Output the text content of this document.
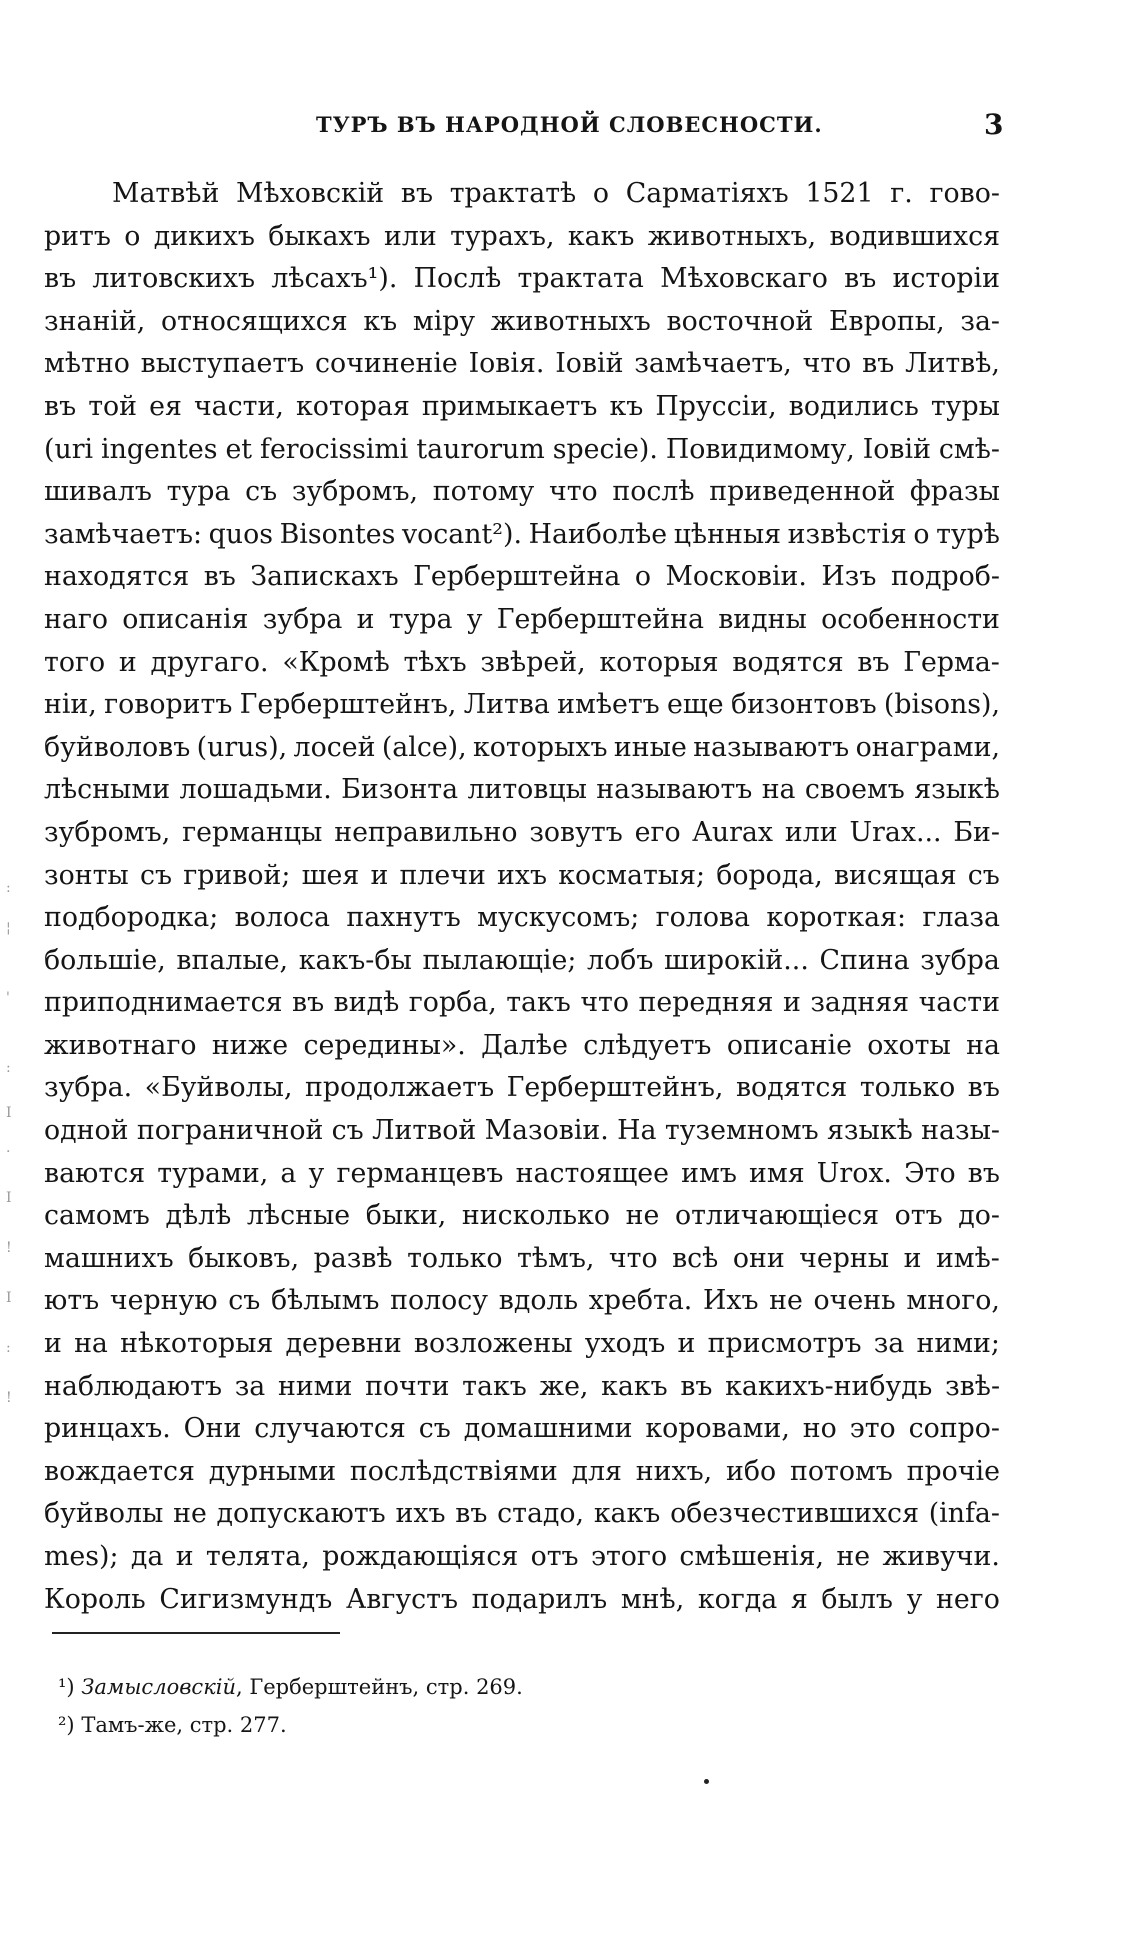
ТУРЪ ВЪ НАРОДНОЙ СЛОВЕСНОСТИ.	3
Матвѣй Мѣховскій въ трактатѣ о Сарматіяхъ 1521 г. гово-
ритъ о дикихъ быкахъ или турахъ, какъ животныхъ, водившихся
въ литовскихъ лѣсахъ¹). Послѣ трактата Мѣховскаго въ исторіи
знаній, относящихся къ міру животныхъ восточной Европы, за-
мѣтно выступаетъ сочиненіе Іовія. Іовій замѣчаетъ, что въ Литвѣ,
въ той ея части, которая примыкаетъ къ Пруссіи, водились туры
(uri ingentes et ferocissimi taurorum specie). Повидимому, Іовій смѣ-
шивалъ тура съ зубромъ, потому что послѣ приведенной фразы
замѣчаетъ: quos Bisontes vocant²). Наиболѣе цѣнныя извѣстія о турѣ
находятся въ Запискахъ Герберштейна о Московіи. Изъ подроб-
наго описанія зубра и тура у Герберштейна видны особенности
того и другаго. «Кромѣ тѣхъ звѣрей, которыя водятся въ Герма-
ніи, говоритъ Герберштейнъ, Литва имѣетъ еще бизонтовъ (bisons),
буйволовъ (urus), лосей (alce), которыхъ иные называютъ онаграми,
лѣсными лошадьми. Бизонта литовцы называютъ на своемъ языкѣ
зубромъ, германцы неправильно зовутъ его Aurax или Urax... Би-
зонты съ гривой; шея и плечи ихъ косматыя; борода, висящая съ
подбородка; волоса пахнутъ мускусомъ; голова короткая: глаза
большіе, впалые, какъ-бы пылающіе; лобъ широкій... Спина зубра
приподнимается въ видѣ горба, такъ что передняя и задняя части
животнаго ниже середины». Далѣе слѣдуетъ описаніе охоты на
зубра. «Буйволы, продолжаетъ Герберштейнъ, водятся только въ
одной пограничной съ Литвой Мазовіи. На туземномъ языкѣ назы-
ваются турами, а у германцевъ настоящее имъ имя Urox. Это въ
самомъ дѣлѣ лѣсные быки, нисколько не отличающіеся отъ до-
машнихъ быковъ, развѣ только тѣмъ, что всѣ они черны и имѣ-
ютъ черную съ бѣлымъ полосу вдоль хребта. Ихъ не очень много,
и на нѣкоторыя деревни возложены уходъ и присмотръ за ними;
наблюдаютъ за ними почти такъ же, какъ въ какихъ-нибудь звѣ-
ринцахъ. Они случаются съ домашними коровами, но это сопро-
вождается дурными послѣдствіями для нихъ, ибо потомъ прочіе
буйволы не допускаютъ ихъ въ стадо, какъ обезчестившихся (infa-
mes); да и телята, рождающіяся отъ этого смѣшенія, не живучи.
Король Сигизмундъ Августъ подарилъ мнѣ, когда я былъ у него
¹) Замысловскій, Герберштейнъ, стр. 269.
²) Тамъ-же, стр. 277.
:
¦
'
:
I
.
I
!
I
:
!
